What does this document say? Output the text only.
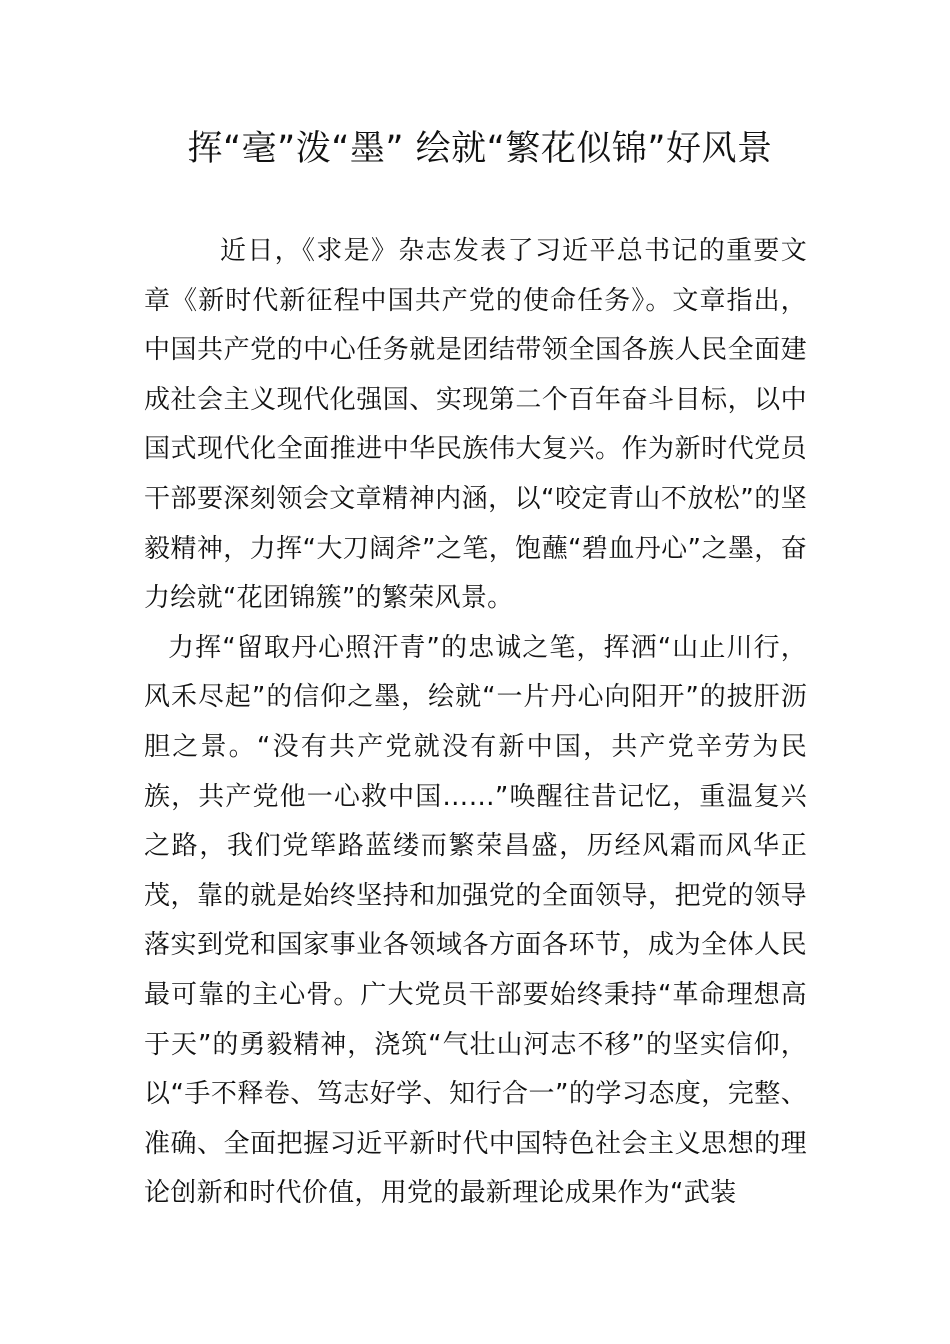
挥“毫”泼“墨” 绘就“繁花似锦”好风景

近日，《求是》杂志发表了习近平总书记的重要文章《新时代新征程中国共产党的使命任务》。文章指出，中国共产党的中心任务就是团结带领全国各族人民全面建成社会主义现代化强国、实现第二个百年奋斗目标，以中国式现代化全面推进中华民族伟大复兴。作为新时代党员干部要深刻领会文章精神内涵，以“咬定青山不放松”的坚毅精神，力挥“大刀阔斧”之笔，饱蘸“碧血丹心”之墨，奋力绘就“花团锦簇”的繁荣风景。

力挥“留取丹心照汗青”的忠诚之笔，挥洒“山止川行，风禾尽起”的信仰之墨，绘就“一片丹心向阳开”的披肝沥胆之景。“没有共产党就没有新中国，共产党辛劳为民族，共产党他一心救中国……”唤醒往昔记忆，重温复兴之路，我们党筚路蓝缕而繁荣昌盛，历经风霜而风华正茂，靠的就是始终坚持和加强党的全面领导，把党的领导落实到党和国家事业各领域各方面各环节，成为全体人民最可靠的主心骨。广大党员干部要始终秉持“革命理想高于天”的勇毅精神，浇筑“气壮山河志不移”的坚实信仰，以“手不释卷、笃志好学、知行合一”的学习态度，完整、准确、全面把握习近平新时代中国特色社会主义思想的理论创新和时代价值，用党的最新理论成果作为“武装
